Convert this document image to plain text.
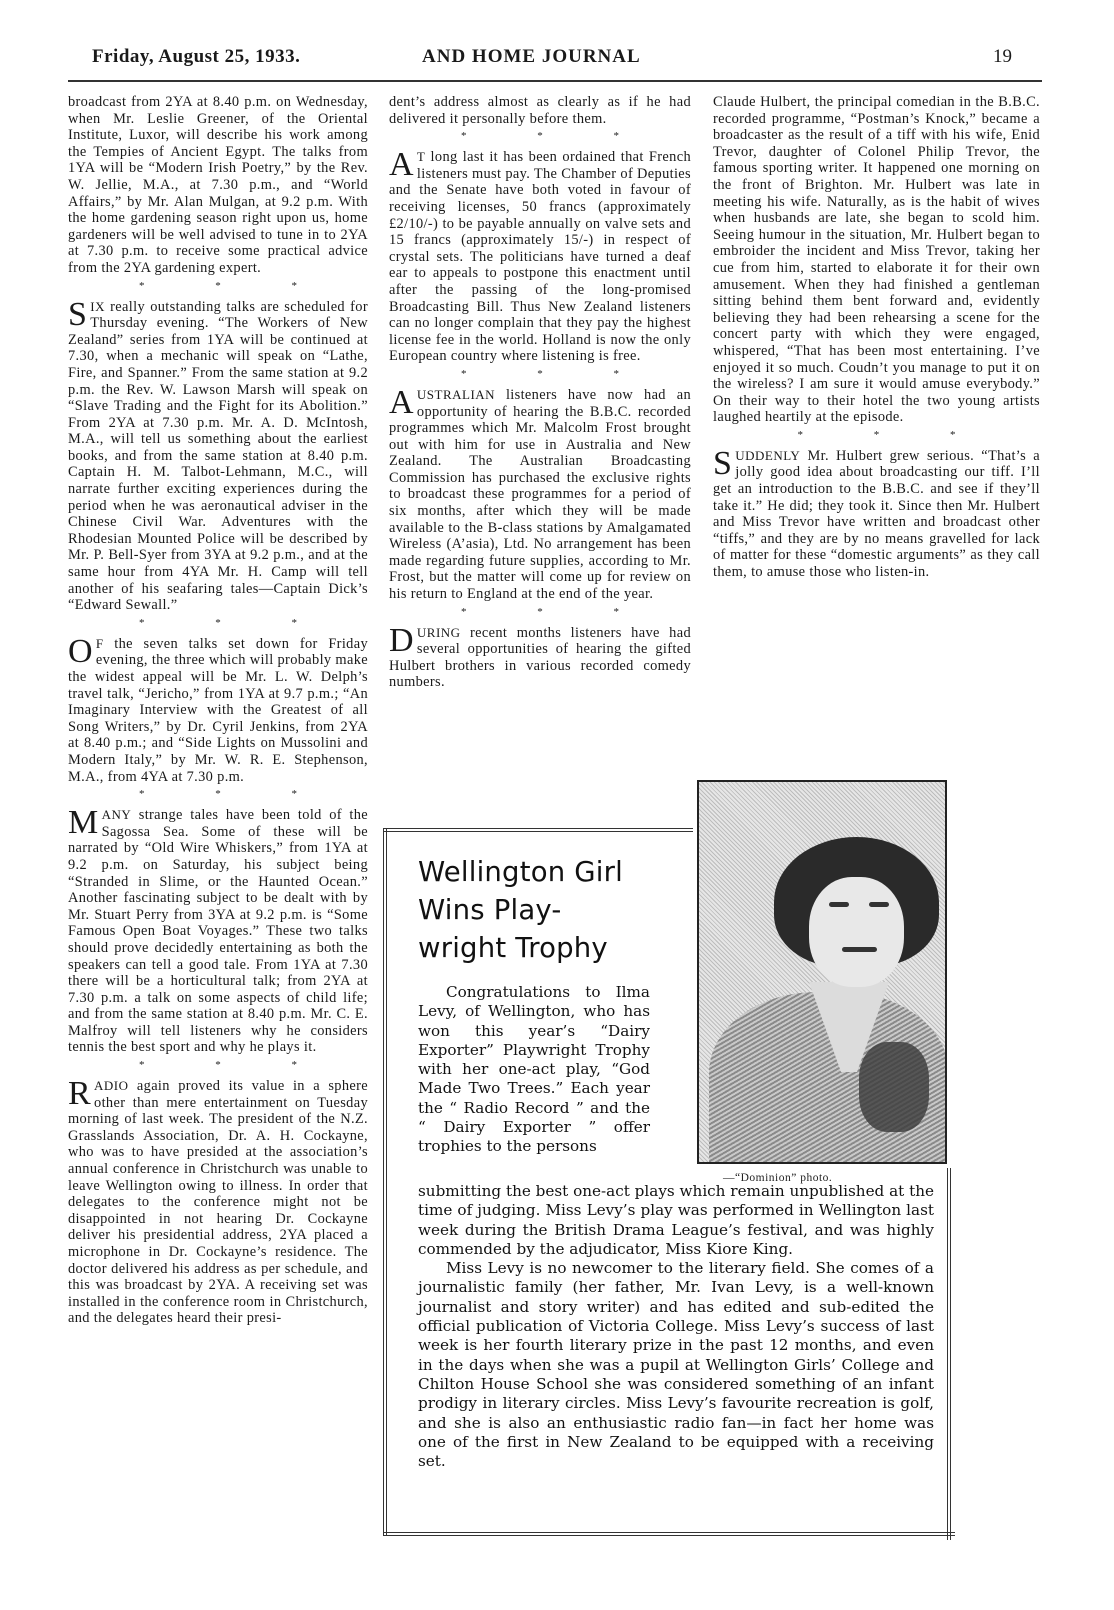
Friday, August 25, 1933.	AND HOME JOURNAL	19

broadcast from 2YA at 8.40 p.m. on Wednesday, when Mr. Leslie Greener, of the Oriental Institute, Luxor, will describe his work among the Tempies of Ancient Egypt. The talks from 1YA will be “Modern Irish Poetry,” by the Rev. W. Jellie, M.A., at 7.30 p.m., and “World Affairs,” by Mr. Alan Mulgan, at 9.2 p.m. With the home gardening season right upon us, home gardeners will be well advised to tune in to 2YA at 7.30 p.m. to receive some practical advice from the 2YA gardening expert.

* * *

SIX really outstanding talks are scheduled for Thursday evening. “The Workers of New Zealand” series from 1YA will be continued at 7.30, when a mechanic will speak on “Lathe, Fire, and Spanner.” From the same station at 9.2 p.m. the Rev. W. Lawson Marsh will speak on “Slave Trading and the Fight for its Abolition.” From 2YA at 7.30 p.m. Mr. A. D. McIntosh, M.A., will tell us something about the earliest books, and from the same station at 8.40 p.m. Captain H. M. Talbot-Lehmann, M.C., will narrate further exciting experiences during the period when he was aeronautical adviser in the Chinese Civil War. Adventures with the Rhodesian Mounted Police will be described by Mr. P. Bell-Syer from 3YA at 9.2 p.m., and at the same hour from 4YA Mr. H. Camp will tell another of his seafaring tales—Captain Dick’s “Edward Sewall.”

* * *

O F the seven talks set down for Friday evening, the three which will probably make the widest appeal will be Mr. L. W. Delph’s travel talk, “Jericho,” from 1YA at 9.7 p.m.; “An Imaginary Interview with the Greatest of all Song Writers,” by Dr. Cyril Jenkins, from 2YA at 8.40 p.m.; and “Side Lights on Mussolini and Modern Italy,” by Mr. W. R. E. Stephenson, M.A., from 4YA at 7.30 p.m.

* * *

MANY strange tales have been told of the Sagossa Sea. Some of these will be narrated by “Old Wire Whiskers,” from 1YA at 9.2 p.m. on Saturday, his subject being “Stranded in Slime, or the Haunted Ocean.” Another fascinating subject to be dealt with by Mr. Stuart Perry from 3YA at 9.2 p.m. is “Some Famous Open Boat Voyages.” These two talks should prove decidedly entertaining as both the speakers can tell a good tale. From 1YA at 7.30 there will be a horticultural talk; from 2YA at 7.30 p.m. a talk on some aspects of child life; and from the same station at 8.40 p.m. Mr. C. E. Malfroy will tell listeners why he considers tennis the best sport and why he plays it.

* * *

RADIO again proved its value in a sphere other than mere entertainment on Tuesday morning of last week. The president of the N.Z. Grasslands Association, Dr. A. H. Cockayne, who was to have presided at the association’s annual conference in Christchurch was unable to leave Wellington owing to illness. In order that delegates to the conference might not be disappointed in not hearing Dr. Cockayne deliver his presidential address, 2YA placed a microphone in Dr. Cockayne’s residence. The doctor delivered his address as per schedule, and this was broadcast by 2YA. A receiving set was installed in the conference room in Christchurch, and the delegates heard their presi-

dent’s address almost as clearly as if he had delivered it personally before them.

* * *

A T long last it has been ordained that French listeners must pay. The Chamber of Deputies and the Senate have both voted in favour of receiving licenses, 50 francs (approximately £2/10/-) to be payable annually on valve sets and 15 francs (approximately 15/-) in respect of crystal sets. The politicians have turned a deaf ear to appeals to postpone this enactment until after the passing of the long-promised Broadcasting Bill. Thus New Zealand listeners can no longer complain that they pay the highest license fee in the world. Holland is now the only European country where listening is free.

* * *

AUSTRALIAN listeners have now had an opportunity of hearing the B.B.C. recorded programmes which Mr. Malcolm Frost brought out with him for use in Australia and New Zealand. The Australian Broadcasting Commission has purchased the exclusive rights to broadcast these programmes for a period of six months, after which they will be made available to the B-class stations by Amalgamated Wireless (A’asia), Ltd. No arrangement has been made regarding future supplies, according to Mr. Frost, but the matter will come up for review on his return to England at the end of the year.

* * *

DURING recent months listeners have had several opportunities of hearing the gifted Hulbert brothers in various recorded comedy numbers.

Claude Hulbert, the principal comedian in the B.B.C. recorded programme, “Postman’s Knock,” became a broadcaster as the result of a tiff with his wife, Enid Trevor, daughter of Colonel Philip Trevor, the famous sporting writer. It happened one morning on the front of Brighton. Mr. Hulbert was late in meeting his wife. Naturally, as is the habit of wives when husbands are late, she began to scold him. Seeing humour in the situation, Mr. Hulbert began to embroider the incident and Miss Trevor, taking her cue from him, started to elaborate it for their own amusement. When they had finished a gentleman sitting behind them bent forward and, evidently believing they had been rehearsing a scene for the concert party with which they were engaged, whispered, “That has been most entertaining. I’ve enjoyed it so much. Coudn’t you manage to put it on the wireless? I am sure it would amuse everybody.” On their way to their hotel the two young artists laughed heartily at the episode.

* * *

SUDDENLY Mr. Hulbert grew serious. “That’s a jolly good idea about broadcasting our tiff. I’ll get an introduction to the B.B.C. and see if they’ll take it.” He did; they took it. Since then Mr. Hulbert and Miss Trevor have written and broadcast other “tiffs,” and they are by no means gravelled for lack of matter for these “domestic arguments” as they call them, to amuse those who listen-in.

Wellington Girl
Wins Play-
wright Trophy

Congratulations to Ilma Levy, of Wellington, who has won this year’s “Dairy Exporter” Playwright Trophy with her one-act play, “God Made Two Trees.” Each year the “ Radio Record ” and the “ Dairy Exporter ” offer trophies to the persons

submitting the best one-act plays which remain unpublished at the time of judging. Miss Levy’s play was performed in Wellington last week during the British Drama League’s festival, and was highly commended by the adjudicator, Miss Kiore King.

Miss Levy is no newcomer to the literary field. She comes of a journalistic family (her father, Mr. Ivan Levy, is a well-known journalist and story writer) and has edited and sub-edited the official publication of Victoria College. Miss Levy’s success of last week is her fourth literary prize in the past 12 months, and even in the days when she was a pupil at Wellington Girls’ College and Chilton House School she was considered something of an infant prodigy in literary circles. Miss Levy’s favourite recreation is golf, and she is also an enthusiastic radio fan—in fact her home was one of the first in New Zealand to be equipped with a receiving set.

—“Dominion” photo.
